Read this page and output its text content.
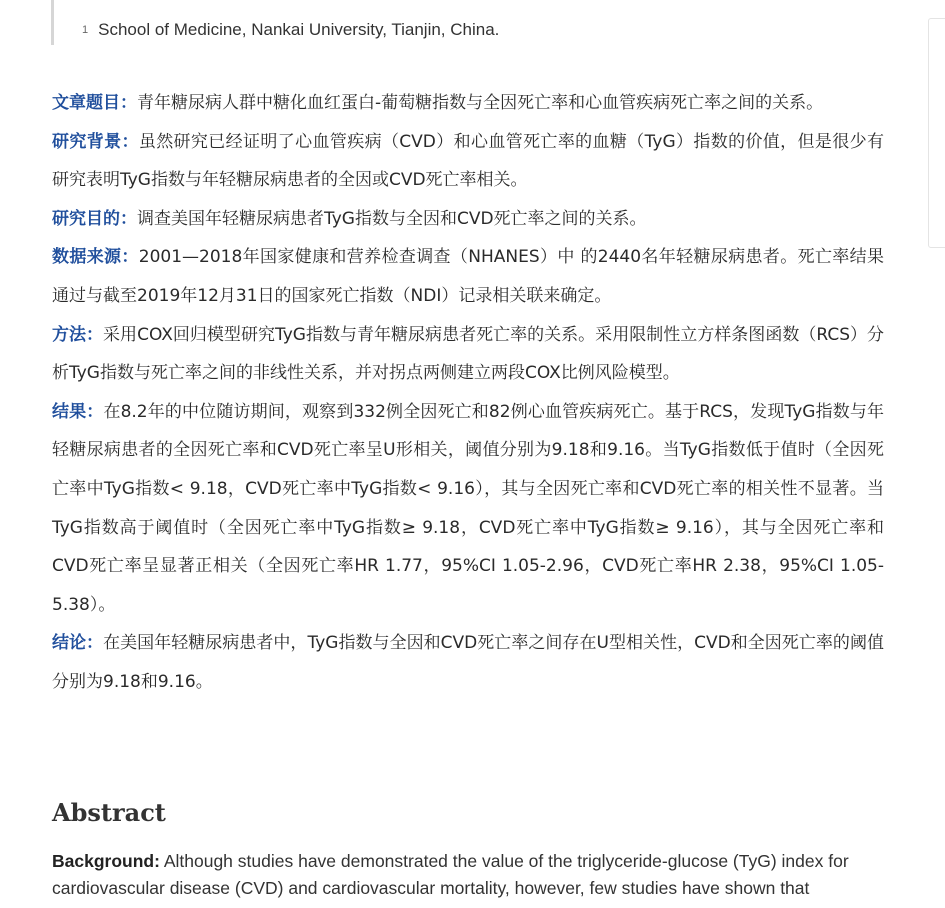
$^1$ School of Medicine, Nankai University, Tianjin, China.

文章题目：青年糖尿病人群中糖化血红蛋白-葡萄糖指数与全因死亡率和心血管疾病死亡率之间的关系。

研究背景：虽然研究已经证明了心血管疾病（CVD）和心血管死亡率的血糖（TyG）指数的价值，但是很少有研究表明TyG指数与年轻糖尿病患者的全因或CVD死亡率相关。

研究目的：调查美国年轻糖尿病患者TyG指数与全因和CVD死亡率之间的关系。

数据来源：2001—2018年国家健康和营养检查调查（NHANES）中 的2440名年轻糖尿病患者。死亡率结果通过与截至2019年12月31日的国家死亡指数（NDI）记录相关联来确定。

方法：采用COX回归模型研究TyG指数与青年糖尿病患者死亡率的关系。采用限制性立方样条图函数（RCS）分析TyG指数与死亡率之间的非线性关系，并对拐点两侧建立两段COX比例风险模型。

结果：在8.2年的中位随访期间，观察到332例全因死亡和82例心血管疾病死亡。基于RCS，发现TyG指数与年轻糖尿病患者的全因死亡率和CVD死亡率呈U形相关，阈值分别为9.18和9.16。当TyG指数低于值时（全因死亡率中TyG指数< 9.18，CVD死亡率中TyG指数< 9.16），其与全因死亡率和CVD死亡率的相关性不显著。当TyG指数高于阈值时（全因死亡率中TyG指数≥ 9.18，CVD死亡率中TyG指数≥ 9.16），其与全因死亡率和CVD死亡率呈显著正相关（全因死亡率HR 1.77，95%CI 1.05-2.96，CVD死亡率HR 2.38，95%CI 1.05-5.38）。

结论：在美国年轻糖尿病患者中，TyG指数与全因和CVD死亡率之间存在U型相关性，CVD和全因死亡率的阈值分别为9.18和9.16。

Abstract

Background: Although studies have demonstrated the value of the triglyceride-glucose (TyG) index for cardiovascular disease (CVD) and cardiovascular mortality, however, few studies have shown that
